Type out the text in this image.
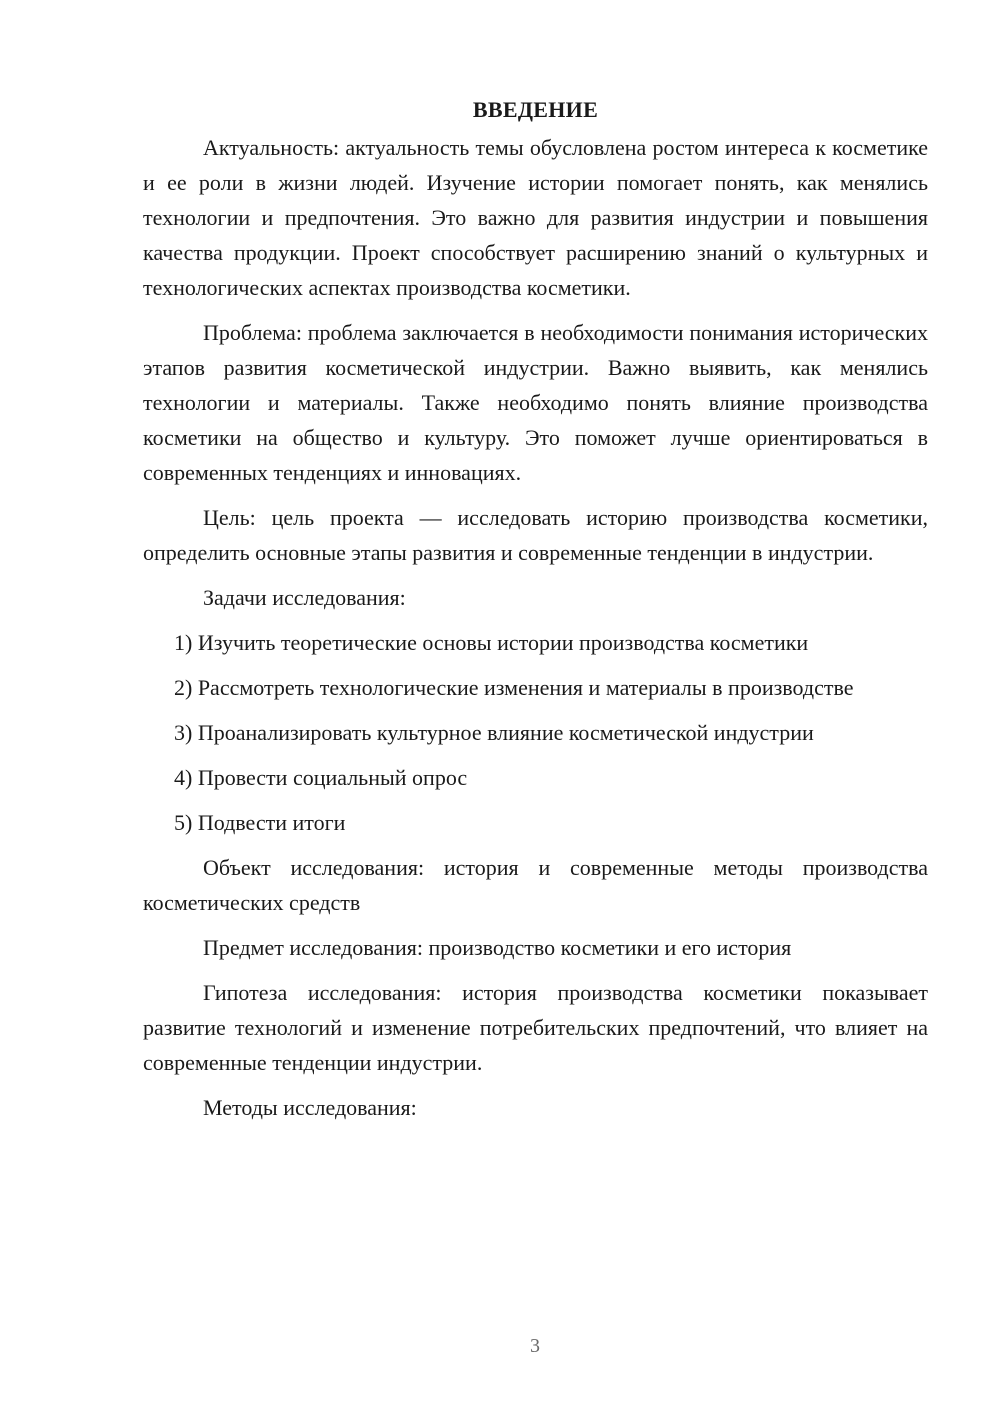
ВВЕДЕНИЕ

Актуальность: актуальность темы обусловлена ростом интереса к косметике и ее роли в жизни людей. Изучение истории помогает понять, как менялись технологии и предпочтения. Это важно для развития индустрии и повышения качества продукции. Проект способствует расширению знаний о культурных и технологических аспектах производства косметики.

Проблема: проблема заключается в необходимости понимания исторических этапов развития косметической индустрии. Важно выявить, как менялись технологии и материалы. Также необходимо понять влияние производства косметики на общество и культуру. Это поможет лучше ориентироваться в современных тенденциях и инновациях.

Цель: цель проекта — исследовать историю производства косметики, определить основные этапы развития и современные тенденции в индустрии.

Задачи исследования:

1) Изучить теоретические основы истории производства косметики

2) Рассмотреть технологические изменения и материалы в производстве

3) Проанализировать культурное влияние косметической индустрии

4) Провести социальный опрос

5) Подвести итоги

Объект исследования: история и современные методы производства косметических средств

Предмет исследования: производство косметики и его история

Гипотеза исследования: история производства косметики показывает развитие технологий и изменение потребительских предпочтений, что влияет на современные тенденции индустрии.

Методы исследования:

3
